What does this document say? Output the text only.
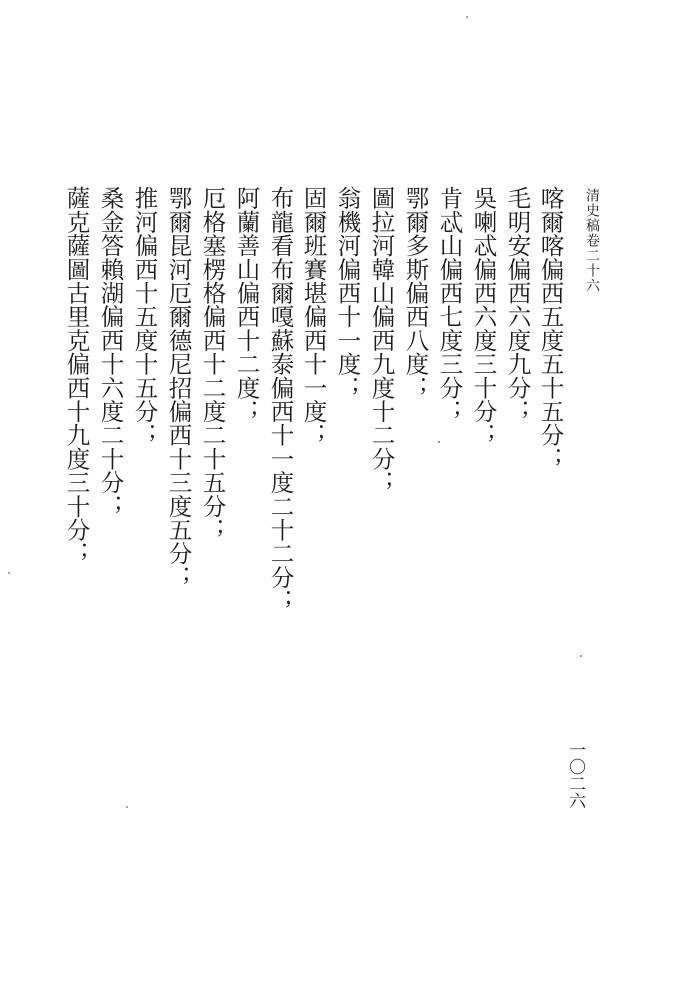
清史稿卷二十六
喀爾喀偏西五度五十五分；
毛明安偏西六度九分；
吳喇忒偏西六度三十分；
肯忒山偏西七度三分；
鄂爾多斯偏西八度；
圖拉河韓山偏西九度十二分；
翁機河偏西十一度；
固爾班賽堪偏西十一度；
布龍看布爾嘎蘇泰偏西十一度二十二分；
阿蘭善山偏西十二度；
厄格塞楞格偏西十二度二十五分；
鄂爾昆河厄爾德尼招偏西十三度五分；
推河偏西十五度十五分；
桑金答賴湖偏西十六度二十分；
薩克薩圖古里克偏西十九度三十分；
一〇二六
